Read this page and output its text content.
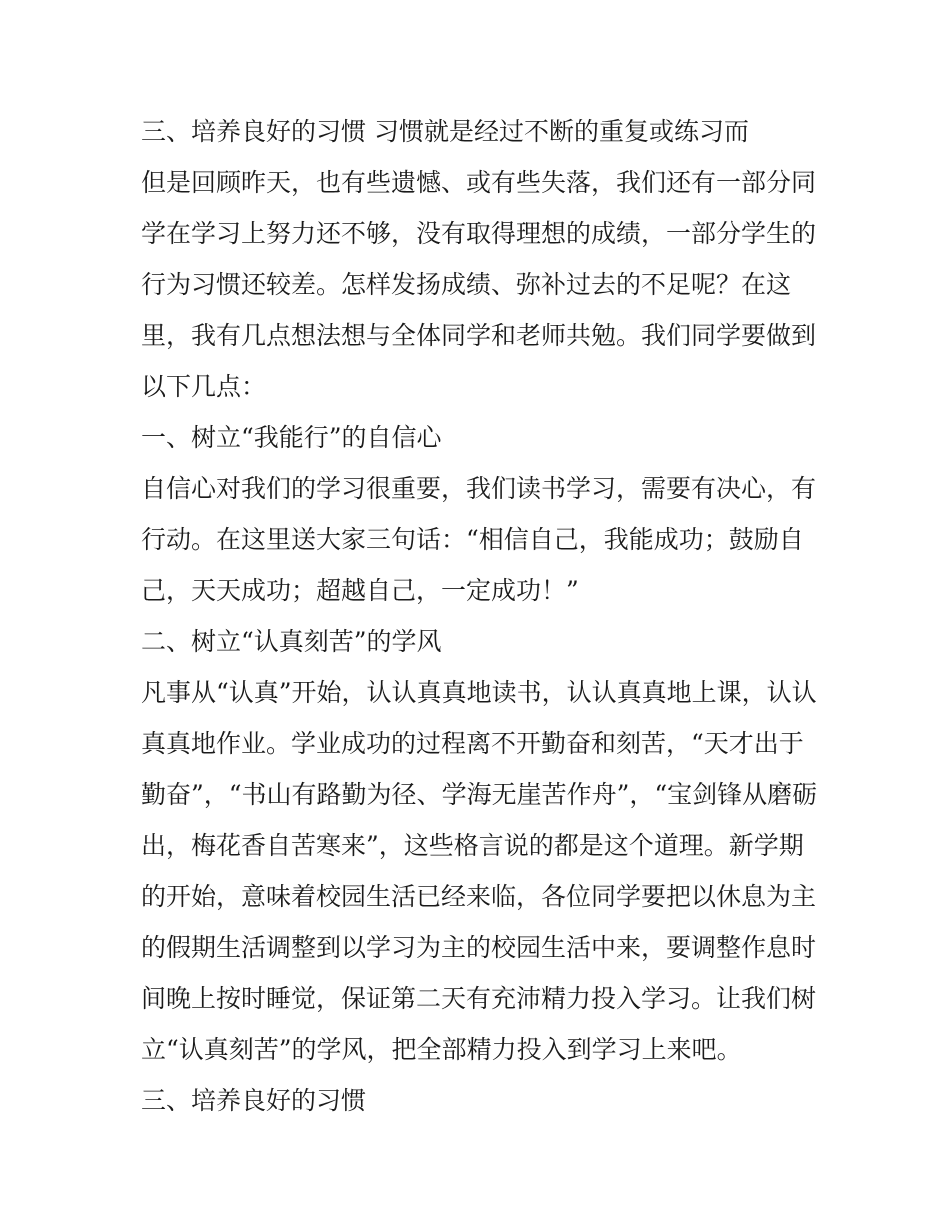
三、培养良好的习惯 习惯就是经过不断的重复或练习而
但是回顾昨天，也有些遗憾、或有些失落，我们还有一部分同
学在学习上努力还不够，没有取得理想的成绩，一部分学生的
行为习惯还较差。怎样发扬成绩、弥补过去的不足呢？在这
里，我有几点想法想与全体同学和老师共勉。我们同学要做到
以下几点：
一、树立“我能行”的自信心
自信心对我们的学习很重要，我们读书学习，需要有决心，有
行动。在这里送大家三句话：“相信自己，我能成功；鼓励自
己，天天成功；超越自己，一定成功！”
二、树立“认真刻苦”的学风
凡事从“认真”开始，认认真真地读书，认认真真地上课，认认
真真地作业。学业成功的过程离不开勤奋和刻苦，“天才出于
勤奋”，“书山有路勤为径、学海无崖苦作舟”，“宝剑锋从磨砺
出，梅花香自苦寒来”，这些格言说的都是这个道理。新学期
的开始，意味着校园生活已经来临，各位同学要把以休息为主
的假期生活调整到以学习为主的校园生活中来，要调整作息时
间晚上按时睡觉，保证第二天有充沛精力投入学习。让我们树
立“认真刻苦”的学风，把全部精力投入到学习上来吧。
三、培养良好的习惯
